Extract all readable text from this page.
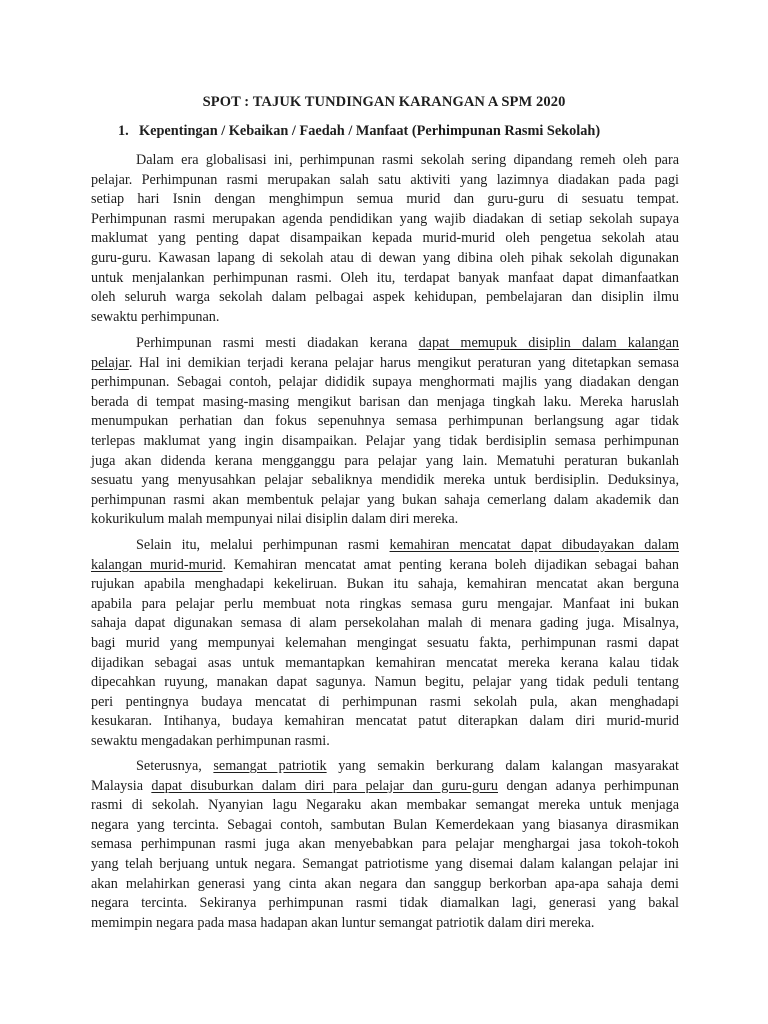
SPOT : TAJUK TUNDINGAN KARANGAN A SPM 2020
1. Kepentingan / Kebaikan / Faedah / Manfaat (Perhimpunan Rasmi Sekolah)
Dalam era globalisasi ini, perhimpunan rasmi sekolah sering dipandang remeh oleh para
pelajar. Perhimpunan rasmi merupakan salah satu aktiviti yang lazimnya diadakan pada pagi
setiap hari Isnin dengan menghimpun semua murid dan guru-guru di sesuatu tempat.
Perhimpunan rasmi merupakan agenda pendidikan yang wajib diadakan di setiap sekolah supaya
maklumat yang penting dapat disampaikan kepada murid-murid oleh pengetua sekolah atau
guru-guru. Kawasan lapang di sekolah atau di dewan yang dibina oleh pihak sekolah digunakan
untuk menjalankan perhimpunan rasmi. Oleh itu, terdapat banyak manfaat dapat dimanfaatkan
oleh seluruh warga sekolah dalam pelbagai aspek kehidupan, pembelajaran dan disiplin ilmu
sewaktu perhimpunan.
Perhimpunan rasmi mesti diadakan kerana dapat memupuk disiplin dalam kalangan
pelajar. Hal ini demikian terjadi kerana pelajar harus mengikut peraturan yang ditetapkan semasa
perhimpunan. Sebagai contoh, pelajar dididik supaya menghormati majlis yang diadakan dengan
berada di tempat masing-masing mengikut barisan dan menjaga tingkah laku. Mereka haruslah
menumpukan perhatian dan fokus sepenuhnya semasa perhimpunan berlangsung agar tidak
terlepas maklumat yang ingin disampaikan. Pelajar yang tidak berdisiplin semasa perhimpunan
juga akan didenda kerana mengganggu para pelajar yang lain. Mematuhi peraturan bukanlah
sesuatu yang menyusahkan pelajar sebaliknya mendidik mereka untuk berdisiplin. Deduksinya,
perhimpunan rasmi akan membentuk pelajar yang bukan sahaja cemerlang dalam akademik dan
kokurikulum malah mempunyai nilai disiplin dalam diri mereka.
Selain itu, melalui perhimpunan rasmi kemahiran mencatat dapat dibudayakan dalam
kalangan murid-murid. Kemahiran mencatat amat penting kerana boleh dijadikan sebagai bahan
rujukan apabila menghadapi kekeliruan. Bukan itu sahaja, kemahiran mencatat akan berguna
apabila para pelajar perlu membuat nota ringkas semasa guru mengajar. Manfaat ini bukan
sahaja dapat digunakan semasa di alam persekolahan malah di menara gading juga. Misalnya,
bagi murid yang mempunyai kelemahan mengingat sesuatu fakta, perhimpunan rasmi dapat
dijadikan sebagai asas untuk memantapkan kemahiran mencatat mereka kerana kalau tidak
dipecahkan ruyung, manakan dapat sagunya. Namun begitu, pelajar yang tidak peduli tentang
peri pentingnya budaya mencatat di perhimpunan rasmi sekolah pula, akan menghadapi
kesukaran. Intihanya, budaya kemahiran mencatat patut diterapkan dalam diri murid-murid
sewaktu mengadakan perhimpunan rasmi.
Seterusnya, semangat patriotik yang semakin berkurang dalam kalangan masyarakat
Malaysia dapat disuburkan dalam diri para pelajar dan guru-guru dengan adanya perhimpunan
rasmi di sekolah. Nyanyian lagu Negaraku akan membakar semangat mereka untuk menjaga
negara yang tercinta. Sebagai contoh, sambutan Bulan Kemerdekaan yang biasanya dirasmikan
semasa perhimpunan rasmi juga akan menyebabkan para pelajar menghargai jasa tokoh-tokoh
yang telah berjuang untuk negara. Semangat patriotisme yang disemai dalam kalangan pelajar ini
akan melahirkan generasi yang cinta akan negara dan sanggup berkorban apa-apa sahaja demi
negara tercinta. Sekiranya perhimpunan rasmi tidak diamalkan lagi, generasi yang bakal
memimpin negara pada masa hadapan akan luntur semangat patriotik dalam diri mereka.
